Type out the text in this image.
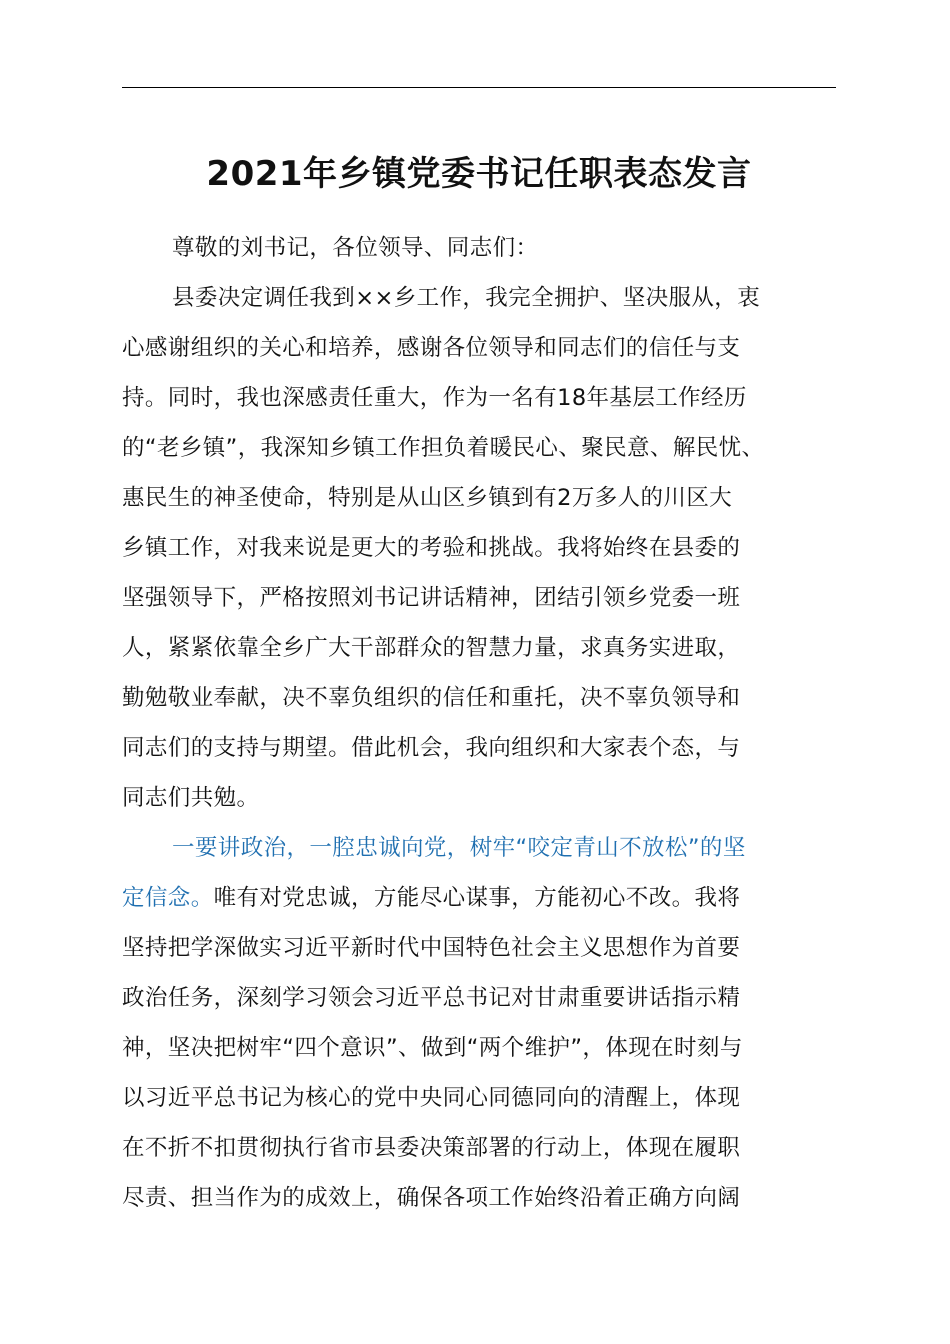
2021年乡镇党委书记任职表态发言
尊敬的刘书记，各位领导、同志们：
县委决定调任我到××乡工作，我完全拥护、坚决服从，衷
心感谢组织的关心和培养，感谢各位领导和同志们的信任与支
持。同时，我也深感责任重大，作为一名有18年基层工作经历
的“老乡镇”，我深知乡镇工作担负着暖民心、聚民意、解民忧、
惠民生的神圣使命，特别是从山区乡镇到有2万多人的川区大
乡镇工作，对我来说是更大的考验和挑战。我将始终在县委的
坚强领导下，严格按照刘书记讲话精神，团结引领乡党委一班
人，紧紧依靠全乡广大干部群众的智慧力量，求真务实进取，
勤勉敬业奉献，决不辜负组织的信任和重托，决不辜负领导和
同志们的支持与期望。借此机会，我向组织和大家表个态，与
同志们共勉。
一要讲政治，一腔忠诚向党，树牢“咬定青山不放松”的坚
定信念。唯有对党忠诚，方能尽心谋事，方能初心不改。我将
坚持把学深做实习近平新时代中国特色社会主义思想作为首要
政治任务，深刻学习领会习近平总书记对甘肃重要讲话指示精
神，坚决把树牢“四个意识”、做到“两个维护”，体现在时刻与
以习近平总书记为核心的党中央同心同德同向的清醒上，体现
在不折不扣贯彻执行省市县委决策部署的行动上，体现在履职
尽责、担当作为的成效上，确保各项工作始终沿着正确方向阔
